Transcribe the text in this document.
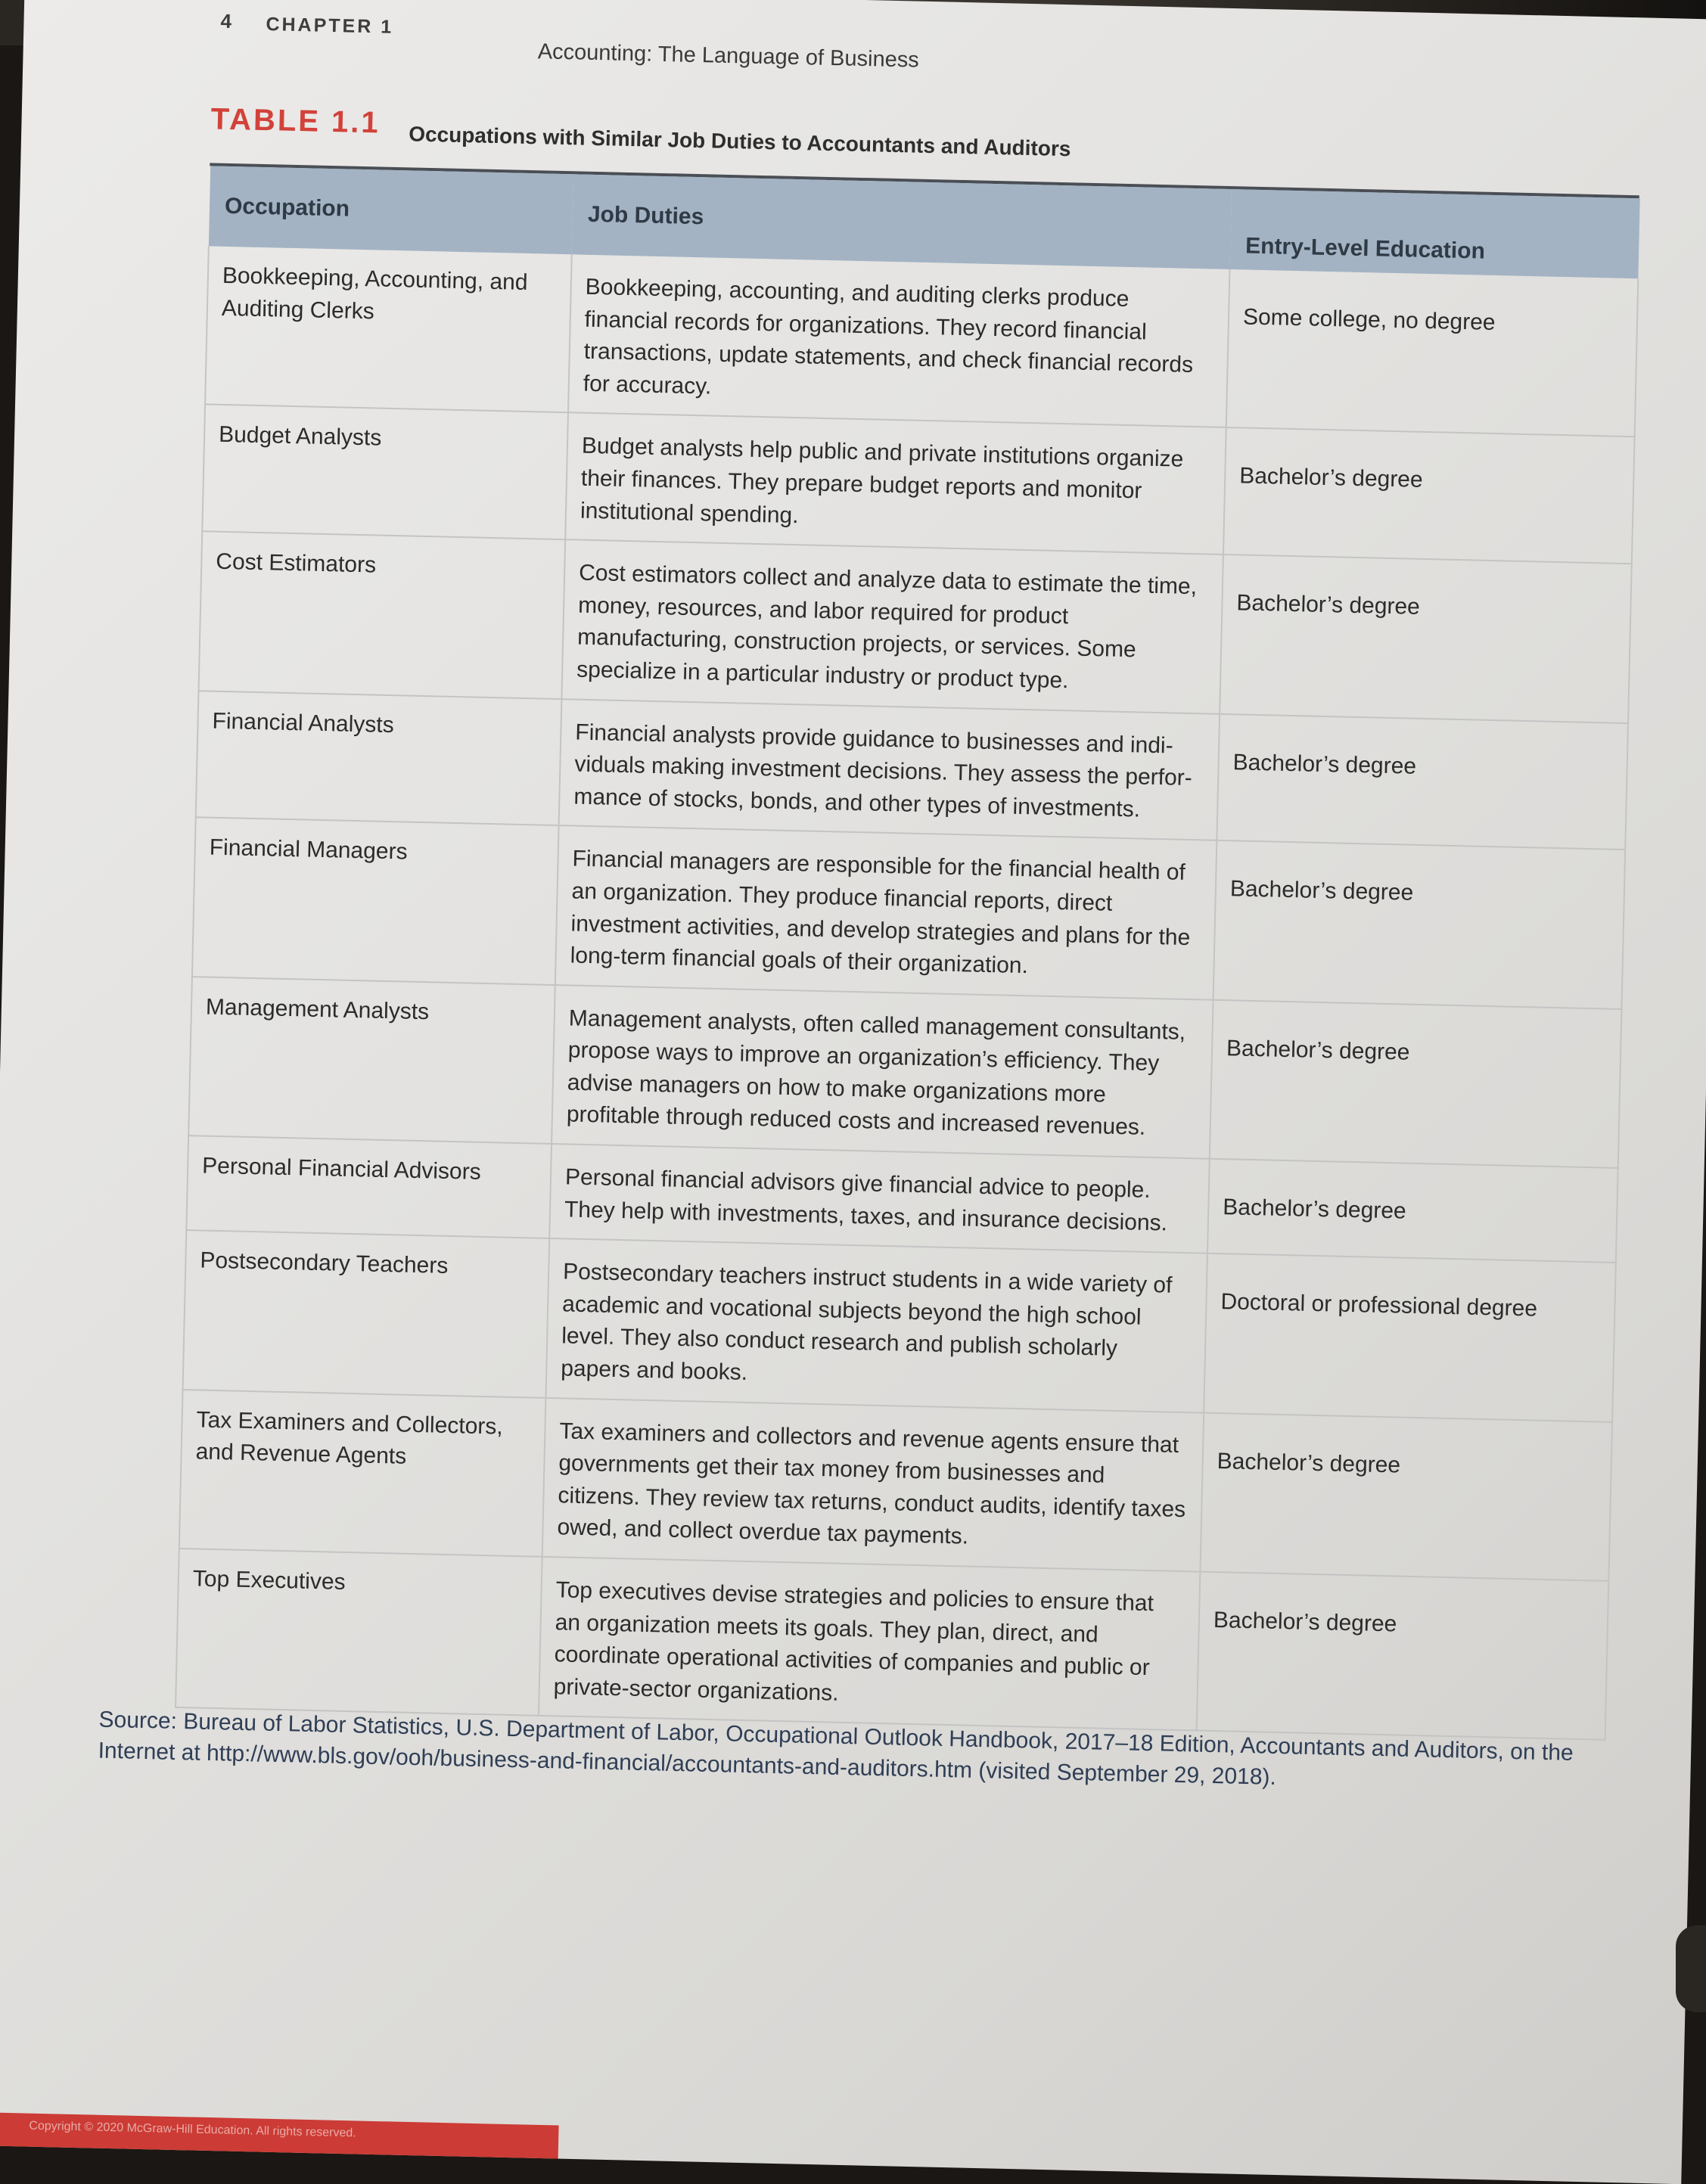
4 CHAPTER 1
Accounting: The Language of Business
TABLE 1.1
Occupations with Similar Job Duties to Accountants and Auditors
Occupation	Job Duties	Entry-Level Education
Bookkeeping, Accounting, and Auditing Clerks	Bookkeeping, accounting, and auditing clerks produce financial records for organizations. They record financial transactions, update statements, and check financial records for accuracy.	Some college, no degree
Budget Analysts	Budget analysts help public and private institutions organize their finances. They prepare budget reports and monitor institutional spending.	Bachelor’s degree
Cost Estimators	Cost estimators collect and analyze data to estimate the time, money, resources, and labor required for product manufacturing, construction projects, or services. Some specialize in a particular industry or product type.	Bachelor’s degree
Financial Analysts	Financial analysts provide guidance to businesses and indi-viduals making investment decisions. They assess the perfor-mance of stocks, bonds, and other types of investments.	Bachelor’s degree
Financial Managers	Financial managers are responsible for the financial health of an organization. They produce financial reports, direct investment activities, and develop strategies and plans for the long-term financial goals of their organization.	Bachelor’s degree
Management Analysts	Management analysts, often called management consultants, propose ways to improve an organization’s efficiency. They advise managers on how to make organizations more profitable through reduced costs and increased revenues.	Bachelor’s degree
Personal Financial Advisors	Personal financial advisors give financial advice to people. They help with investments, taxes, and insurance decisions.	Bachelor’s degree
Postsecondary Teachers	Postsecondary teachers instruct students in a wide variety of academic and vocational subjects beyond the high school level. They also conduct research and publish scholarly papers and books.	Doctoral or professional degree
Tax Examiners and Collectors, and Revenue Agents	Tax examiners and collectors and revenue agents ensure that governments get their tax money from businesses and citizens. They review tax returns, conduct audits, identify taxes owed, and collect overdue tax payments.	Bachelor’s degree
Top Executives	Top executives devise strategies and policies to ensure that an organization meets its goals. They plan, direct, and coordinate operational activities of companies and public or private-sector organizations.	Bachelor’s degree
Source: Bureau of Labor Statistics, U.S. Department of Labor, Occupational Outlook Handbook, 2017–18 Edition, Accountants and Auditors, on the Internet at http://www.bls.gov/ooh/business-and-financial/accountants-and-auditors.htm (visited September 29, 2018).
Copyright © 2020 McGraw-Hill Education. All rights reserved.
